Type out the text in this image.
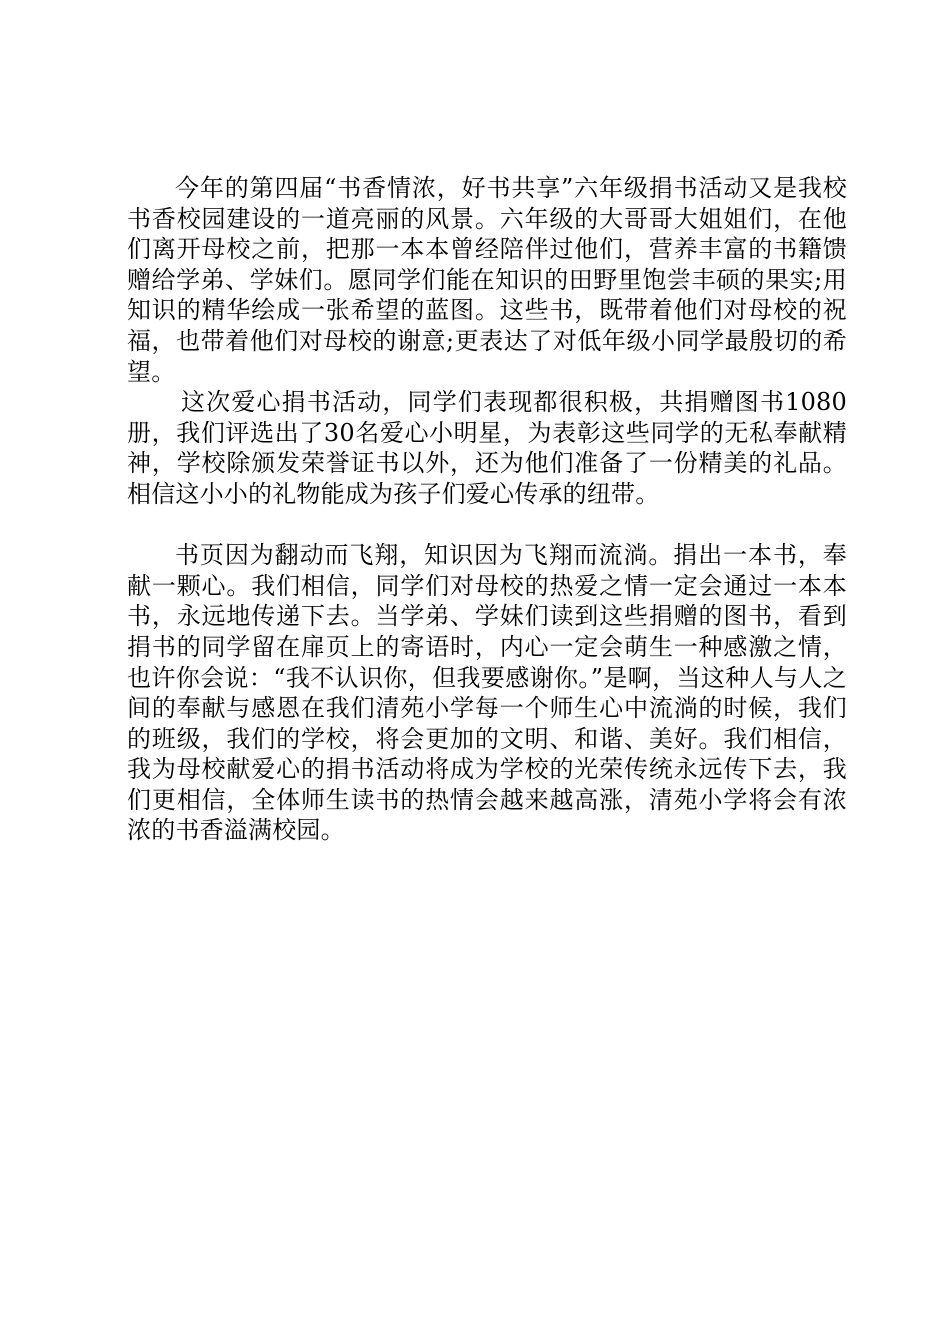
今年的第四届“书香情浓，好书共享”六年级捐书活动又是我校书香校园建设的一道亮丽的风景。六年级的大哥哥大姐姐们，在他们离开母校之前，把那一本本曾经陪伴过他们，营养丰富的书籍馈赠给学弟、学妹们。愿同学们能在知识的田野里饱尝丰硕的果实;用知识的精华绘成一张希望的蓝图。这些书，既带着他们对母校的祝福，也带着他们对母校的谢意;更表达了对低年级小同学最殷切的希望。

这次爱心捐书活动，同学们表现都很积极，共捐赠图书1080册，我们评选出了30名爱心小明星，为表彰这些同学的无私奉献精神，学校除颁发荣誉证书以外，还为他们准备了一份精美的礼品。相信这小小的礼物能成为孩子们爱心传承的纽带。

书页因为翻动而飞翔，知识因为飞翔而流淌。捐出一本书，奉献一颗心。我们相信，同学们对母校的热爱之情一定会通过一本本书，永远地传递下去。当学弟、学妹们读到这些捐赠的图书，看到捐书的同学留在扉页上的寄语时，内心一定会萌生一种感激之情，也许你会说：“我不认识你，但我要感谢你。”是啊，当这种人与人之间的奉献与感恩在我们清苑小学每一个师生心中流淌的时候，我们的班级，我们的学校，将会更加的文明、和谐、美好。我们相信，我为母校献爱心的捐书活动将成为学校的光荣传统永远传下去，我们更相信，全体师生读书的热情会越来越高涨，清苑小学将会有浓浓的书香溢满校园。
